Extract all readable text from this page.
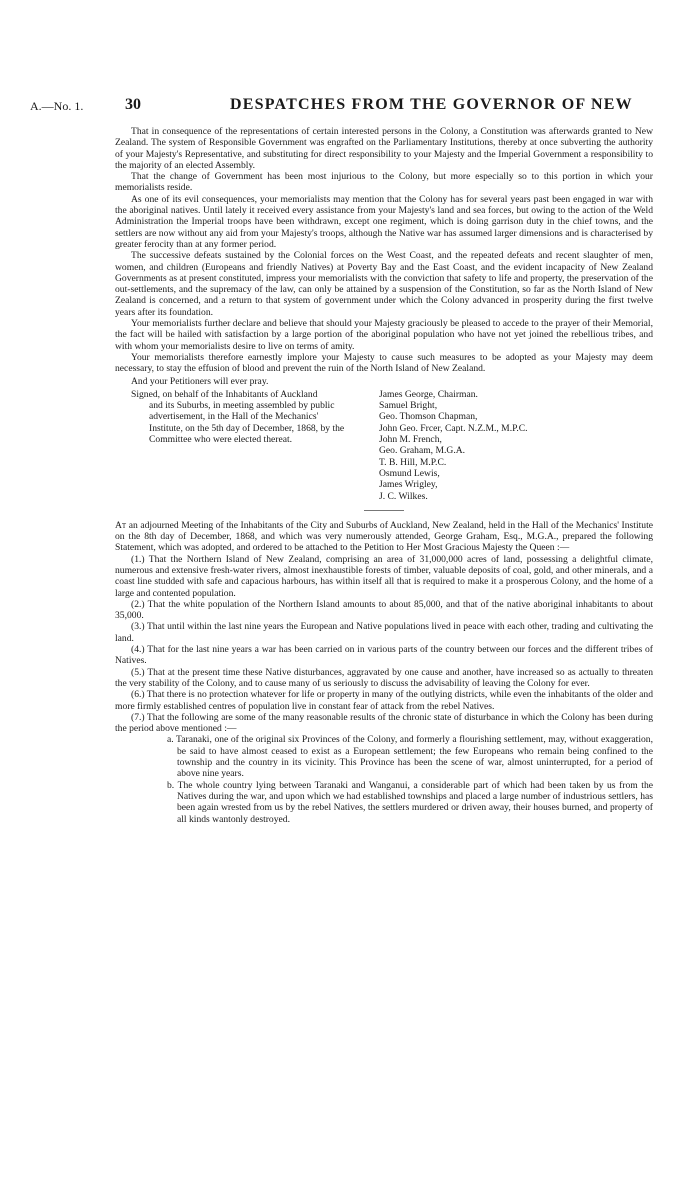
A.—No. 1.	30	DESPATCHES FROM THE GOVERNOR OF NEW

That in consequence of the representations of certain interested persons in the Colony, a Constitution was afterwards granted to New Zealand. The system of Responsible Government was engrafted on the Parliamentary Institutions, thereby at once subverting the authority of your Majesty's Representative, and substituting for direct responsibility to your Majesty and the Imperial Government a responsibility to the majority of an elected Assembly.

That the change of Government has been most injurious to the Colony, but more especially so to this portion in which your memorialists reside.

As one of its evil consequences, your memorialists may mention that the Colony has for several years past been engaged in war with the aboriginal natives. Until lately it received every assistance from your Majesty's land and sea forces, but owing to the action of the Weld Administration the Imperial troops have been withdrawn, except one regiment, which is doing garrison duty in the chief towns, and the settlers are now without any aid from your Majesty's troops, although the Native war has assumed larger dimensions and is characterised by greater ferocity than at any former period.

The successive defeats sustained by the Colonial forces on the West Coast, and the repeated defeats and recent slaughter of men, women, and children (Europeans and friendly Natives) at Poverty Bay and the East Coast, and the evident incapacity of New Zealand Governments as at present constituted, impress your memorialists with the conviction that safety to life and property, the preservation of the out-settlements, and the supremacy of the law, can only be attained by a suspension of the Constitution, so far as the North Island of New Zealand is concerned, and a return to that system of government under which the Colony advanced in prosperity during the first twelve years after its foundation.

Your memorialists further declare and believe that should your Majesty graciously be pleased to accede to the prayer of their Memorial, the fact will be hailed with satisfaction by a large portion of the aboriginal population who have not yet joined the rebellious tribes, and with whom your memorialists desire to live on terms of amity.

Your memorialists therefore earnestly implore your Majesty to cause such measures to be adopted as your Majesty may deem necessary, to stay the effusion of blood and prevent the ruin of the North Island of New Zealand.

And your Petitioners will ever pray.

Signed, on behalf of the Inhabitants of Auckland
and its Suburbs, in meeting assembled by public advertisement, in the Hall of the Mechanics' Institute, on the 5th day of December, 1868, by the Committee who were elected thereat.
James George, Chairman.
Samuel Bright,
Geo. Thomson Chapman,
John Geo. Frcer, Capt. N.Z.M., M.P.C.
John M. French,
Geo. Graham, M.G.A.
T. B. Hill, M.P.C.
Osmund Lewis,
James Wrigley,
J. C. Wilkes.

At an adjourned Meeting of the Inhabitants of the City and Suburbs of Auckland, New Zealand, held in the Hall of the Mechanics' Institute on the 8th day of December, 1868, and which was very numerously attended, George Graham, Esq., M.G.A., prepared the following Statement, which was adopted, and ordered to be attached to the Petition to Her Most Gracious Majesty the Queen :—

(1.) That the Northern Island of New Zealand, comprising an area of 31,000,000 acres of land, possessing a delightful climate, numerous and extensive fresh-water rivers, almost inexhaustible forests of timber, valuable deposits of coal, gold, and other minerals, and a coast line studded with safe and capacious harbours, has within itself all that is required to make it a prosperous Colony, and the home of a large and contented population.

(2.) That the white population of the Northern Island amounts to about 85,000, and that of the native aboriginal inhabitants to about 35,000.

(3.) That until within the last nine years the European and Native populations lived in peace with each other, trading and cultivating the land.

(4.) That for the last nine years a war has been carried on in various parts of the country between our forces and the different tribes of Natives.

(5.) That at the present time these Native disturbances, aggravated by one cause and another, have increased so as actually to threaten the very stability of the Colony, and to cause many of us seriously to discuss the advisability of leaving the Colony for ever.

(6.) That there is no protection whatever for life or property in many of the outlying districts, while even the inhabitants of the older and more firmly established centres of population live in constant fear of attack from the rebel Natives.

(7.) That the following are some of the many reasonable results of the chronic state of disturbance in which the Colony has been during the period above mentioned :—

a. Taranaki, one of the original six Provinces of the Colony, and formerly a flourishing settlement, may, without exaggeration, be said to have almost ceased to exist as a European settlement; the few Europeans who remain being confined to the township and the country in its vicinity. This Province has been the scene of war, almost uninterrupted, for a period of above nine years.
b. The whole country lying between Taranaki and Wanganui, a considerable part of which had been taken by us from the Natives during the war, and upon which we had established townships and placed a large number of industrious settlers, has been again wrested from us by the rebel Natives, the settlers murdered or driven away, their houses burned, and property of all kinds wantonly destroyed.
